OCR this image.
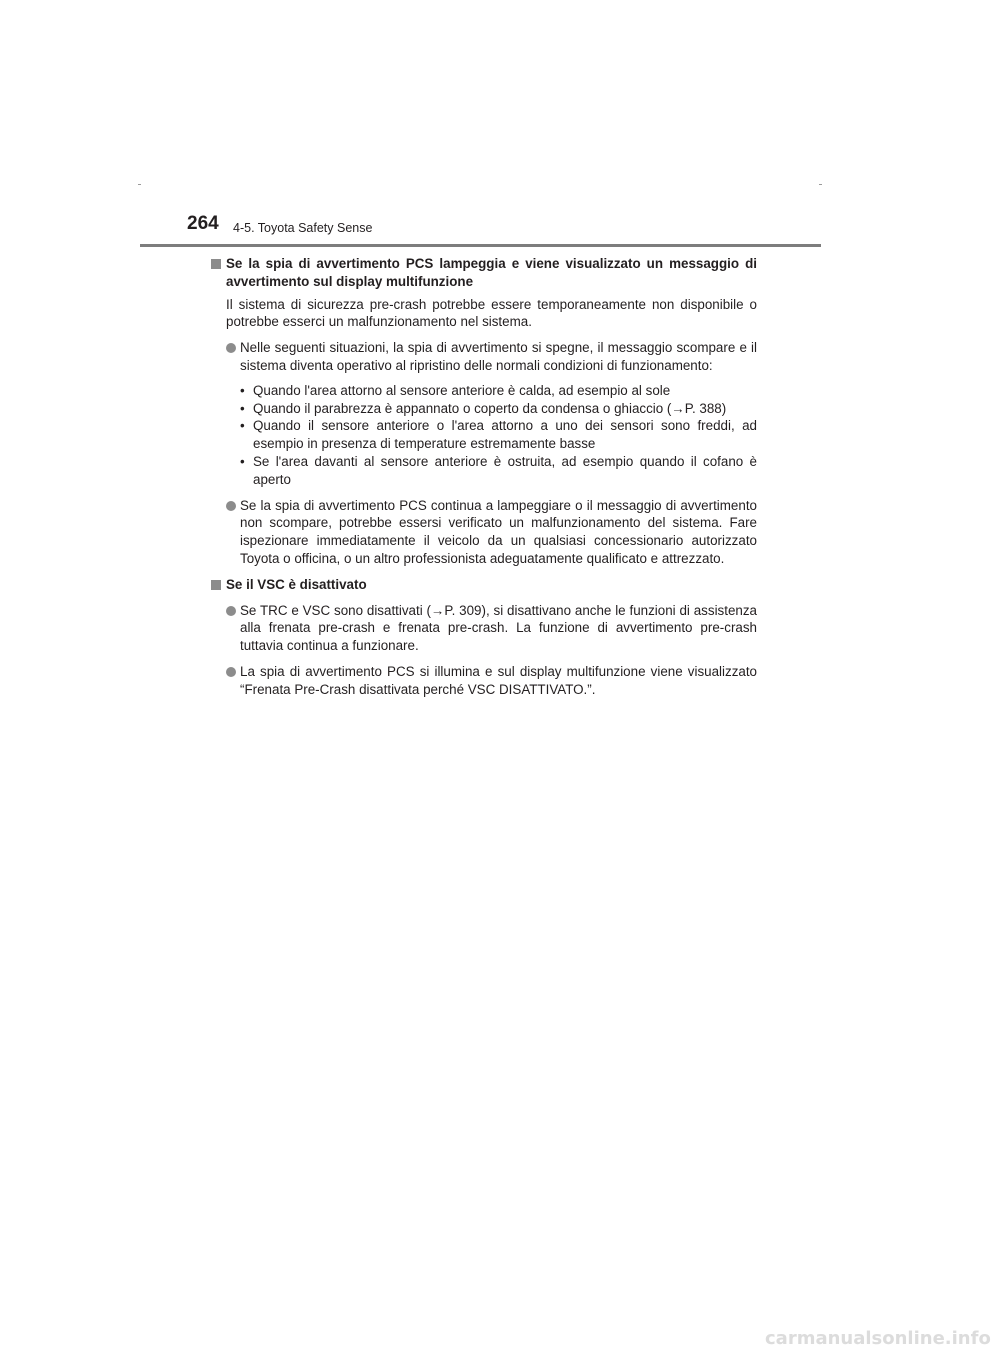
264 4-5. Toyota Safety Sense
Se la spia di avvertimento PCS lampeggia e viene visualizzato un messaggio di avvertimento sul display multifunzione
Il sistema di sicurezza pre-crash potrebbe essere temporaneamente non disponibile o potrebbe esserci un malfunzionamento nel sistema.
Nelle seguenti situazioni, la spia di avvertimento si spegne, il messaggio scompare e il sistema diventa operativo al ripristino delle normali condizioni di funzionamento:
• Quando l'area attorno al sensore anteriore è calda, ad esempio al sole
• Quando il parabrezza è appannato o coperto da condensa o ghiaccio (→P. 388)
• Quando il sensore anteriore o l'area attorno a uno dei sensori sono freddi, ad esempio in presenza di temperature estremamente basse
• Se l'area davanti al sensore anteriore è ostruita, ad esempio quando il cofano è aperto
Se la spia di avvertimento PCS continua a lampeggiare o il messaggio di avvertimento non scompare, potrebbe essersi verificato un malfunzionamento del sistema. Fare ispezionare immediatamente il veicolo da un qualsiasi concessionario autorizzato Toyota o officina, o un altro professionista adeguatamente qualificato e attrezzato.
Se il VSC è disattivato
Se TRC e VSC sono disattivati (→P. 309), si disattivano anche le funzioni di assistenza alla frenata pre-crash e frenata pre-crash. La funzione di avvertimento pre-crash tuttavia continua a funzionare.
La spia di avvertimento PCS si illumina e sul display multifunzione viene visualizzato “Frenata Pre-Crash disattivata perché VSC DISATTIVATO.”.
carmanualsonline.info
